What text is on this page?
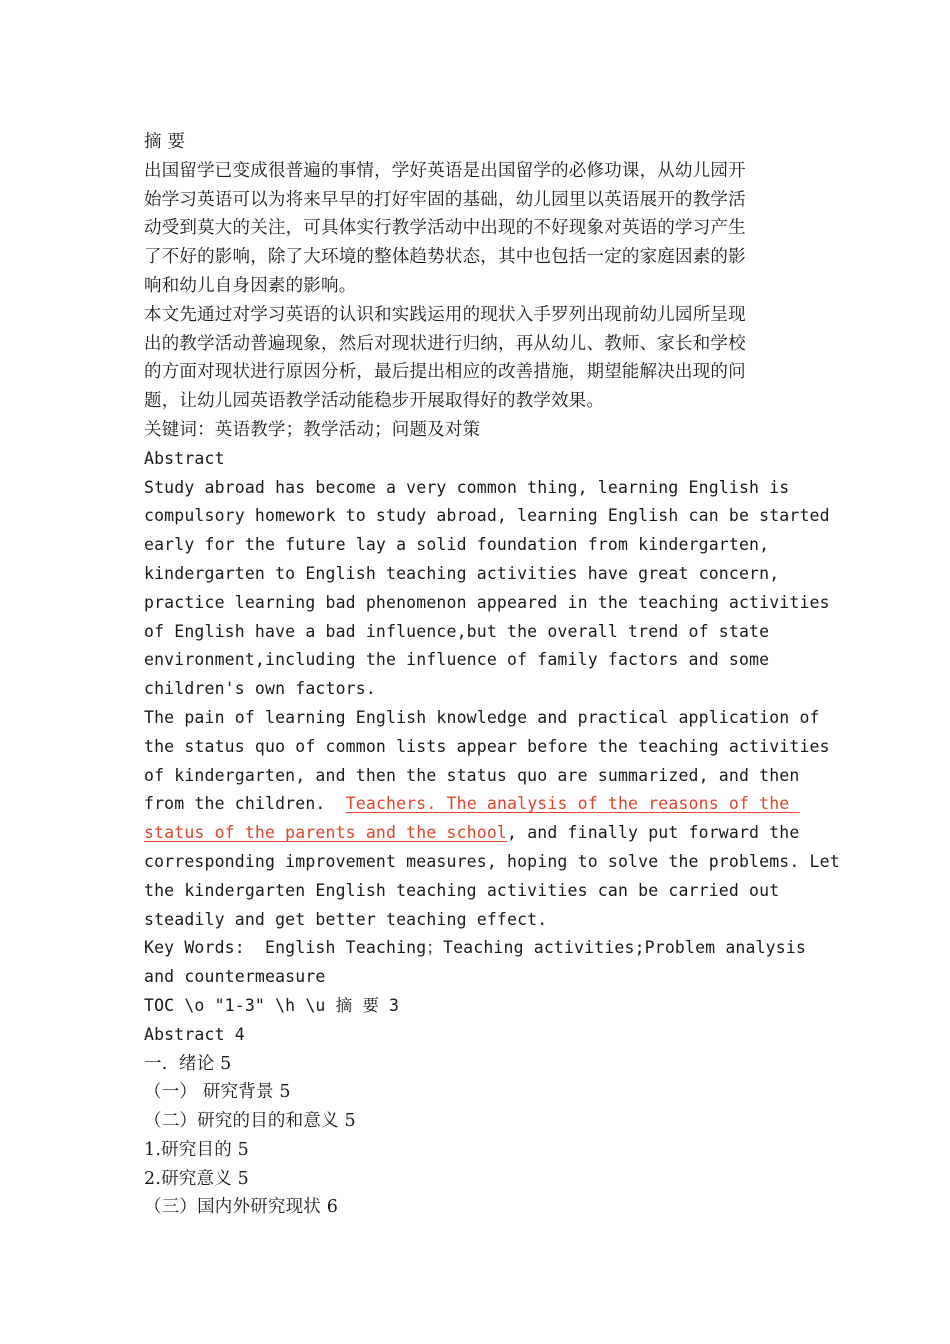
摘 要
出国留学已变成很普遍的事情，学好英语是出国留学的必修功课，从幼儿园开
始学习英语可以为将来早早的打好牢固的基础，幼儿园里以英语展开的教学活
动受到莫大的关注，可具体实行教学活动中出现的不好现象对英语的学习产生
了不好的影响，除了大环境的整体趋势状态，其中也包括一定的家庭因素的影
响和幼儿自身因素的影响。
本文先通过对学习英语的认识和实践运用的现状入手罗列出现前幼儿园所呈现
出的教学活动普遍现象，然后对现状进行归纳，再从幼儿、教师、家长和学校
的方面对现状进行原因分析，最后提出相应的改善措施，期望能解决出现的问
题，让幼儿园英语教学活动能稳步开展取得好的教学效果。
关键词：英语教学；教学活动；问题及对策
Abstract
Study abroad has become a very common thing, learning English is
compulsory homework to study abroad, learning English can be started
early for the future lay a solid foundation from kindergarten,
kindergarten to English teaching activities have great concern,
practice learning bad phenomenon appeared in the teaching activities
of English have a bad influence,but the overall trend of state
environment,including the influence of family factors and some
children's own factors.
The pain of learning English knowledge and practical application of
the status quo of common lists appear before the teaching activities
of kindergarten, and then the status quo are summarized, and then
from the children.  Teachers. The analysis of the reasons of the
status of the parents and the school, and finally put forward the
corresponding improvement measures, hoping to solve the problems. Let
the kindergarten English teaching activities can be carried out
steadily and get better teaching effect.
Key Words:  English Teaching；Teaching activities;Problem analysis
and countermeasure
TOC \o "1-3" \h \u 摘 要 3
Abstract 4
一.  绪论 5
（一） 研究背景 5
（二）研究的目的和意义 5
1.研究目的 5
2.研究意义 5
（三）国内外研究现状 6
